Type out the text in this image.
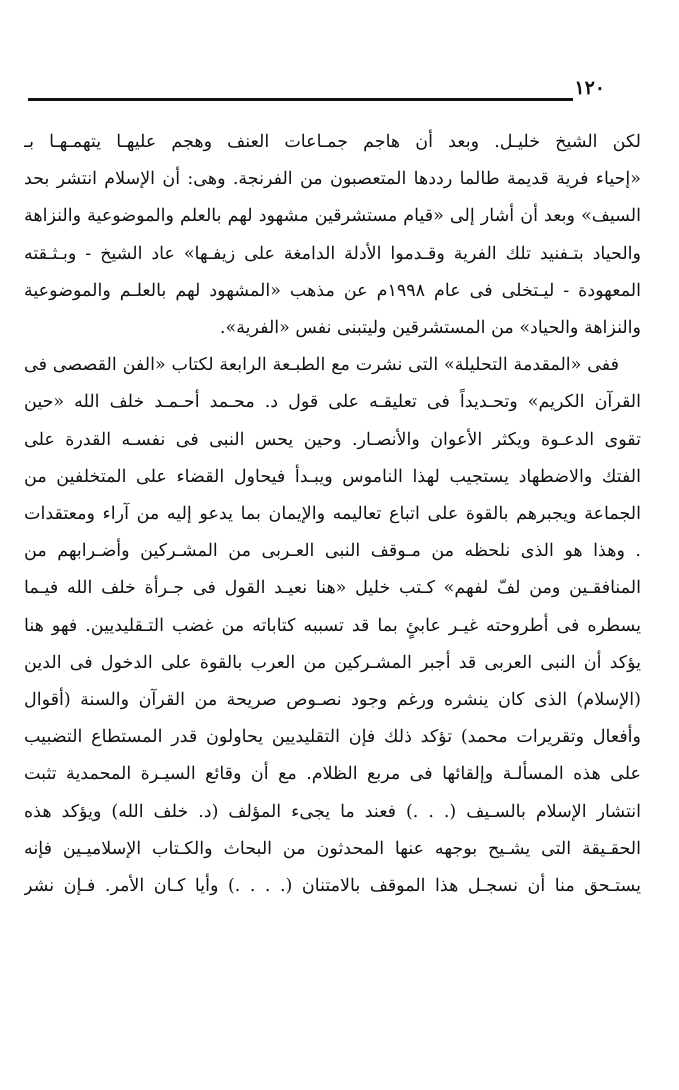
١٢٠

لكن الشيخ خليـل. وبعد أن هاجم جمـاعات العنف وهجم عليهـا يتهمـهـا بـ
«إحياء فرية قديمة طالما رددها المتعصبون من الفرنجة. وهى: أن الإسلام انتشر بحد
السيف» وبعد أن أشار إلى «قيام مستشرقين مشهود لهم بالعلم والموضوعية والنزاهة
والحياد بتـفنيد تلك الفرية وقـدموا الأدلة الدامغة على زيفـها» عاد الشيخ - وبـثـقته
المعهودة - ليـتخلى فى عام ١٩٩٨م عن مذهب «المشهود لهم بالعلـم والموضوعية
والنزاهة والحياد» من المستشرقين وليتبنى نفس «الفرية».

ففى «المقدمة التحليلة» التى نشرت مع الطبـعة الرابعة لكتاب «الفن القصصى فى
القرآن الكريم» وتحـديداً فى تعليقـه على قول د. محـمد أحـمـد خلف الله «حين
تقوى الدعـوة ويكثر الأعوان والأنصـار. وحين يحس النبى فى نفسـه القدرة على
الفتك والاضطهاد يستجيب لهذا الناموس ويبـدأ فيحاول القضاء على المتخلفين من
الجماعة ويجبرهم بالقوة على اتباع تعاليمه والإيمان بما يدعو إليه من آراء ومعتقدات
. وهذا هو الذى نلحظه من مـوقف النبى العـربى من المشـركين وأضـرابهم من
المنافقـين ومن لفّ لفهم» كـتب خليل «هنا نعيـد القول فى جـرأة خلف الله فيـما
يسطره فى أطروحته غيـر عابئٍ بما قد تسببه كتاباته من غضب التـقليديين. فهو هنا
يؤكد أن النبى العربى قد أجبر المشـركين من العرب بالقوة على الدخول فى الدين
(الإسلام) الذى كان ينشره ورغم وجود نصـوص صريحة من القرآن والسنة (أقوال
وأفعال وتقريرات محمد) تؤكد ذلك فإن التقليديين يحاولون قدر المستطاع التضبيب
على هذه المسألـة وإلقائها فى مربع الظلام. مع أن وقائع السيـرة المحمدية تثبت
انتشار الإسلام بالسـيف (. . .) فعند ما يجىء المؤلف (د. خلف الله) ويؤكد هذه
الحقـيقة التى يشـيح بوجهه عنها المحدثون من البحاث والكـتاب الإسلاميـين فإنه
يستـحق منا أن نسجـل هذا الموقف بالامتنان (. . . .) وأيا كـان الأمر. فـإن نشر
